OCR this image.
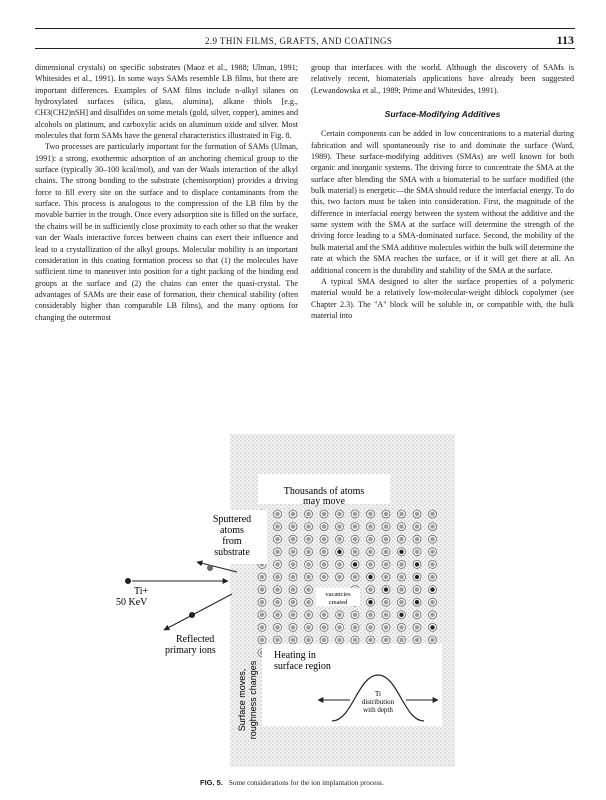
2.9 THIN FILMS, GRAFTS, AND COATINGS	113

dimensional crystals) on specific substrates (Maoz et al., 1988; Ulman, 1991; Whitesides et al., 1991). In some ways SAMs resemble LB films, but there are important differences. Examples of SAM films include n-alkyl silanes on hydroxylated surfaces (silica, glass, alumina), alkane thiols [e.g., CH3(CH2)nSH] and disulfides on some metals (gold, silver, copper), amines and alcohols on platinum, and carboxylic acids on aluminum oxide and silver. Most molecules that form SAMs have the general characteristics illustrated in Fig. 8.

Two processes are particularly important for the formation of SAMs (Ulman, 1991): a strong, exothermic adsorption of an anchoring chemical group to the surface (typically 30–100 kcal/mol), and van der Waals interaction of the alkyl chains. The strong bonding to the substrate (chemisorption) provides a driving force to fill every site on the surface and to displace contaminants from the surface. This process is analogous to the compression of the LB film by the movable barrier in the trough. Once every adsorption site is filled on the surface, the chains will be in sufficiently close proximity to each other so that the weaker van der Waals interactive forces between chains can exert their influence and lead to a crystallization of the alkyl groups. Molecular mobility is an important consideration in this coating formation process so that (1) the molecules have sufficient time to maneuver into position for a tight packing of the binding end groups at the surface and (2) the chains can enter the quasi-crystal. The advantages of SAMs are their ease of formation, their chemical stability (often considerably higher than comparable LB films), and the many options for changing the outermost

group that interfaces with the world. Although the discovery of SAMs is relatively recent, biomaterials applications have already been suggested (Lewandowska et al., 1989; Prime and Whitesides, 1991).

Surface-Modifying Additives

Certain components can be added in low concentrations to a material during fabrication and will spontaneously rise to and dominate the surface (Ward, 1989). These surface-modifying additives (SMAs) are well known for both organic and inorganic systems. The driving force to concentrate the SMA at the surface after blending the SMA with a biomaterial to be surface modified (the bulk material) is energetic—the SMA should reduce the interfacial energy. To do this, two factors must be taken into consideration. First, the magnitude of the difference in interfacial energy between the system without the additive and the same system with the SMA at the surface will determine the strength of the driving force leading to a SMA-dominated surface. Second, the mobility of the bulk material and the SMA additive molecules within the bulk will determine the rate at which the SMA reaches the surface, or if it will get there at all. An additional concern is the durability and stability of the SMA at the surface.

A typical SMA designed to alter the surface properties of a polymeric material would be a relatively low-molecular-weight diblock copolymer (see Chapter 2.3). The "A" block will be soluble in, or compatible with, the bulk material into

Thousands of atoms
may move
Sputtered
atoms
from
substrate
Ti+
50 KeV
Reflected
primary ions
vacancies
created
Surface moves, roughness changes
Heating in
surface region
Ti
distribution
with depth
FIG. 5. Some considerations for the ion implantation process.
